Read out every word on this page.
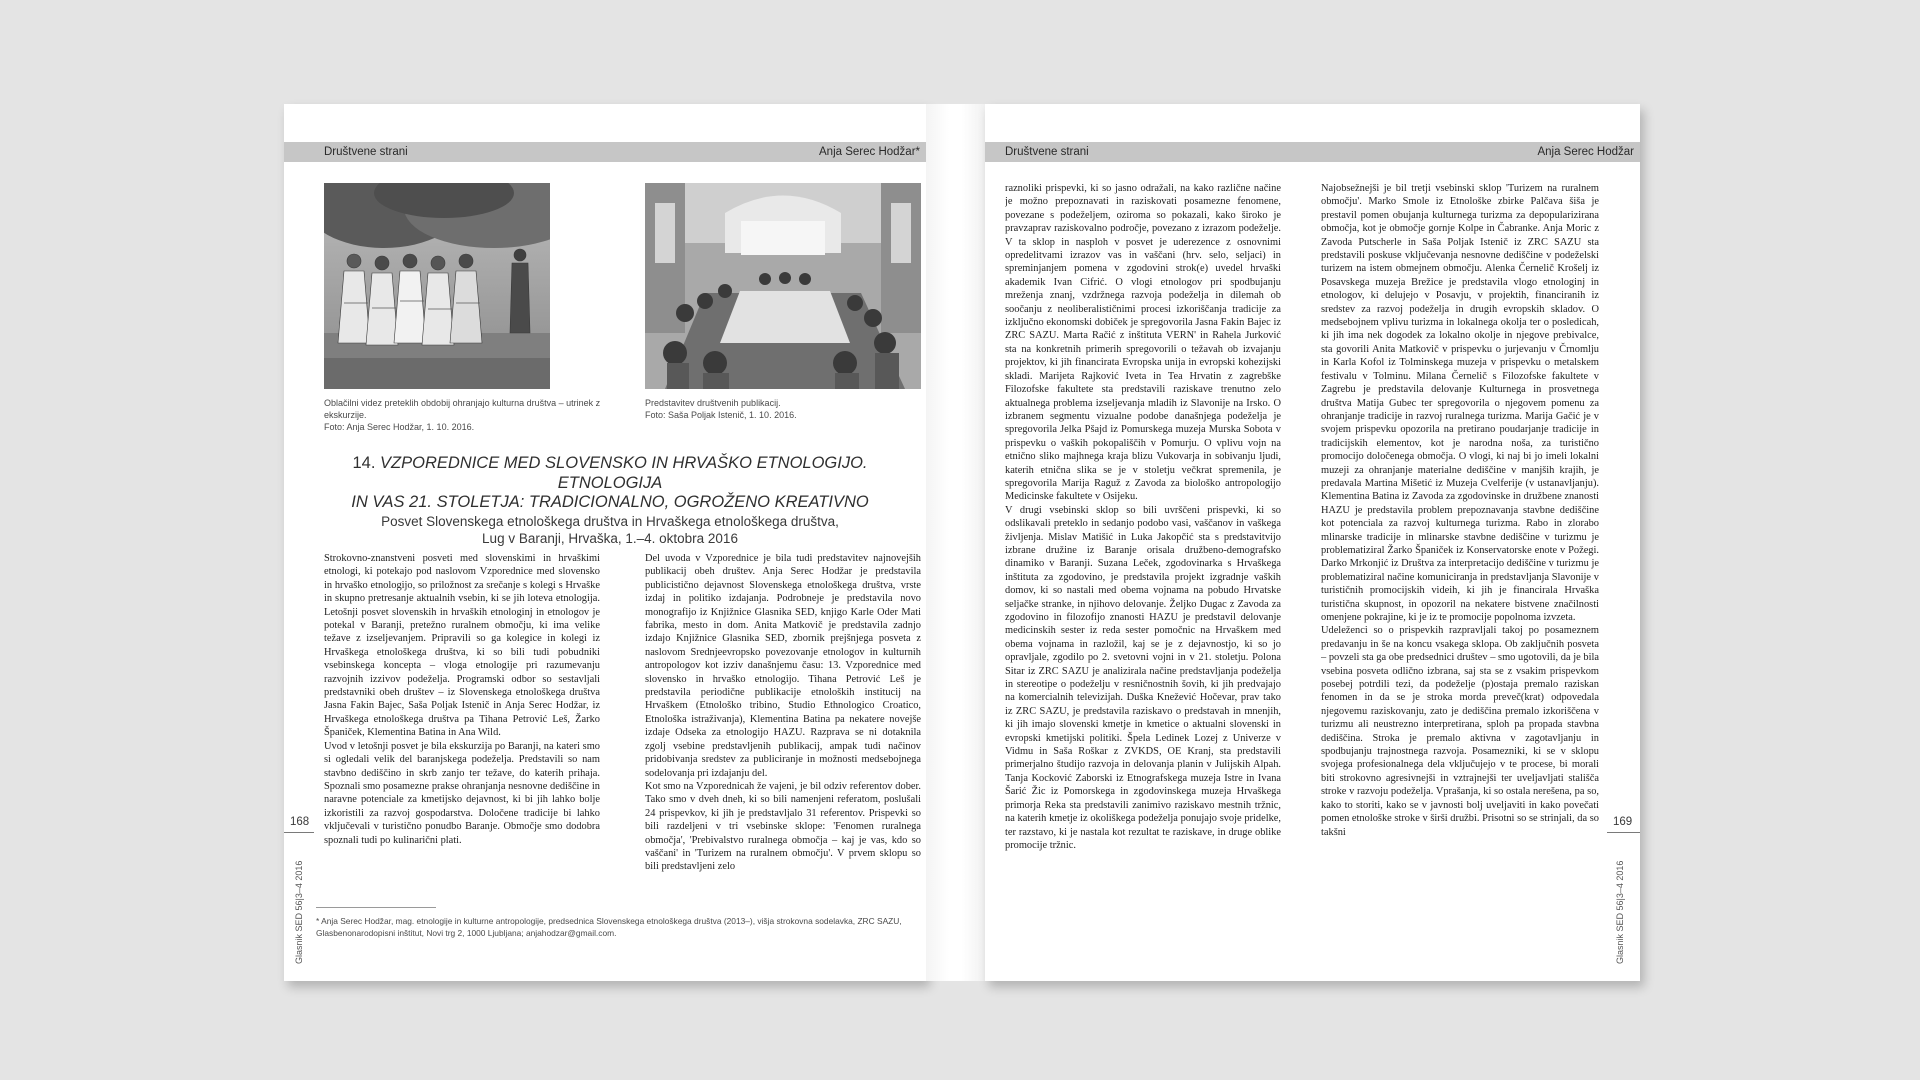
Društvene strani	Anja Serec Hodžar*
Oblačilni videz preteklih obdobij ohranjajo kulturna društva – utrinek z
ekskurzije.
Foto: Anja Serec Hodžar, 1. 10. 2016.
Predstavitev društvenih publikacij.
Foto: Saša Poljak Istenič, 1. 10. 2016.
14. VZPOREDNICE MED SLOVENSKO IN HRVAŠKO ETNOLOGIJO. ETNOLOGIJA
IN VAS 21. STOLETJA: TRADICIONALNO, OGROŽENO KREATIVNO
Posvet Slovenskega etnološkega društva in Hrvaškega etnološkega društva,
Lug v Baranji, Hrvaška, 1.–4. oktobra 2016

Strokovno-znanstveni posveti med slovenskimi in hrvaškimi etnologi, ki potekajo pod naslovom Vzporednice med slovensko in hrvaško etnologijo, so priložnost za srečanje s kolegi s Hrvaške in skupno pretresanje aktualnih vsebin, ki se jih loteva etnologija. Letošnji posvet slovenskih in hrvaških etnologinj in etnologov je potekal v Baranji, pretežno ruralnem območju, ki ima velike težave z izseljevanjem. Pripravili so ga kolegice in kolegi iz Hrvaškega etnološkega društva, ki so bili tudi pobudniki vsebinskega koncepta – vloga etnologije pri razumevanju razvojnih izzivov podeželja. Programski odbor so sestavljali predstavniki obeh društev – iz Slovenskega etnološkega društva Jasna Fakin Bajec, Saša Poljak Istenič in Anja Serec Hodžar, iz Hrvaškega etnološkega društva pa Tihana Petrović Leš, Žarko Španiček, Klementina Batina in Ana Wild.

Uvod v letošnji posvet je bila ekskurzija po Baranji, na kateri smo si ogledali velik del baranjskega podeželja. Predstavili so nam stavbno dediščino in skrb zanjo ter težave, do katerih prihaja. Spoznali smo posamezne prakse ohranjanja nesnovne dediščine in naravne potenciale za kmetijsko dejavnost, ki bi jih lahko bolje izkoristili za razvoj gospodarstva. Določene tradicije bi lahko vključevali v turistično ponudbo Baranje. Območje smo dodobra spoznali tudi po kulinarični plati.

Del uvoda v Vzporednice je bila tudi predstavitev najnovejših publikacij obeh društev. Anja Serec Hodžar je predstavila publicistično dejavnost Slovenskega etnološkega društva, vrste izdaj in politiko izdajanja. Podrobneje je predstavila novo monografijo iz Knjižnice Glasnika SED, knjigo Karle Oder Mati fabrika, mesto in dom. Anita Matkovič je predstavila zadnjo izdajo Knjižnice Glasnika SED, zbornik prejšnjega posveta z naslovom Srednjeevropsko povezovanje etnologov in kulturnih antropologov kot izziv današnjemu času: 13. Vzporednice med slovensko in hrvaško etnologijo. Tihana Petrović Leš je predstavila periodične publikacije etnoloških institucij na Hrvaškem (Etnološko tribino, Studio Ethnologico Croatico, Etnološka istraživanja), Klementina Batina pa nekatere novejše izdaje Odseka za etnologijo HAZU. Razprava se ni dotaknila zgolj vsebine predstavljenih publikacij, ampak tudi načinov pridobivanja sredstev za publiciranje in možnosti medsebojnega sodelovanja pri izdajanju del.

Kot smo na Vzporednicah že vajeni, je bil odziv referentov dober. Tako smo v dveh dneh, ki so bili namenjeni referatom, poslušali 24 prispevkov, ki jih je predstavljalo 31 referentov. Prispevki so bili razdeljeni v tri vsebinske sklope: 'Fenomen ruralnega območja', 'Prebivalstvo ruralnega območja – kaj je vas, kdo so vaščani' in 'Turizem na ruralnem območju'. V prvem sklopu so bili predstavljeni zelo

168
Glasnik SED 56|3–4 2016 * Anja Serec Hodžar, mag. etnologije in kulturne antropologije, predsednica Slovenskega etnološkega društva (2013–), višja strokovna sodelavka, ZRC SAZU, Glasbenonarodopisni inštitut, Novi trg 2, 1000 Ljubljana; anjahodzar@gmail.com.
Društvene strani	Anja Serec Hodžar

raznoliki prispevki, ki so jasno odražali, na kako različne načine je možno prepoznavati in raziskovati posamezne fenomene, povezane s podeželjem, oziroma so pokazali, kako široko je pravzaprav raziskovalno področje, povezano z izrazom podeželje. V ta sklop in nasploh v posvet je uderezence z osnovnimi opredelitvami izrazov vas in vaščani (hrv. selo, seljaci) in spreminjanjem pomena v zgodovini strok(e) uvedel hrvaški akademik Ivan Cifrić. O vlogi etnologov pri spodbujanju mreženja znanj, vzdržnega razvoja podeželja in dilemah ob soočanju z neoliberalističnimi procesi izkoriščanja tradicije za izključno ekonomski dobiček je spregovorila Jasna Fakin Bajec iz ZRC SAZU. Marta Račić z inštituta VERN' in Rahela Jurković sta na konkretnih primerih spregovorili o težavah ob izvajanju projektov, ki jih financirata Evropska unija in evropski kohezijski skladi. Marijeta Rajković Iveta in Tea Hrvatin z zagrebške Filozofske fakultete sta predstavili raziskave trenutno zelo aktualnega problema izseljevanja mladih iz Slavonije na Irsko. O izbranem segmentu vizualne podobe današnjega podeželja je spregovorila Jelka Pšajd iz Pomurskega muzeja Murska Sobota v prispevku o vaških pokopališčih v Pomurju. O vplivu vojn na etnično sliko majhnega kraja blizu Vukovarja in sobivanju ljudi, katerih etnična slika se je v stoletju večkrat spremenila, je spregovorila Marija Raguž z Zavoda za biološko antropologijo Medicinske fakultete v Osijeku.

V drugi vsebinski sklop so bili uvrščeni prispevki, ki so odslikavali preteklo in sedanjo podobo vasi, vaščanov in vaškega življenja. Mislav Matišić in Luka Jakopčić sta s predstavitvijo izbrane družine iz Baranje orisala družbeno-demografsko dinamiko v Baranji. Suzana Leček, zgodovinarka s Hrvaškega inštituta za zgodovino, je predstavila projekt izgradnje vaških domov, ki so nastali med obema vojnama na pobudo Hrvatske seljačke stranke, in njihovo delovanje. Željko Dugac z Zavoda za zgodovino in filozofijo znanosti HAZU je predstavil delovanje medicinskih sester iz reda sester pomočnic na Hrvaškem med obema vojnama in razložil, kaj se je z dejavnostjo, ki so jo opravljale, zgodilo po 2. svetovni vojni in v 21. stoletju. Polona Sitar iz ZRC SAZU je analizirala načine predstavljanja podeželja in stereotipe o podeželju v resničnostnih šovih, ki jih predvajajo na komercialnih televizijah. Duška Knežević Hočevar, prav tako iz ZRC SAZU, je predstavila raziskavo o predstavah in mnenjih, ki jih imajo slovenski kmetje in kmetice o aktualni slovenski in evropski kmetijski politiki. Špela Ledinek Lozej z Univerze v Vidmu in Saša Roškar z ZVKDS, OE Kranj, sta predstavili primerjalno študijo razvoja in delovanja planin v Julijskih Alpah. Tanja Kocković Zaborski iz Etnografskega muzeja Istre in Ivana Šarić Žic iz Pomorskega in zgodovinskega muzeja Hrvaškega primorja Reka sta predstavili zanimivo raziskavo mestnih tržnic, na katerih kmetje iz okoliškega podeželja ponujajo svoje pridelke, ter razstavo, ki je nastala kot rezultat te raziskave, in druge oblike promocije tržnic.

Najobsežnejši je bil tretji vsebinski sklop 'Turizem na ruralnem območju'. Marko Smole iz Etnološke zbirke Palčava šiša je prestavil pomen obujanja kulturnega turizma za depopularizirana območja, kot je območje gornje Kolpe in Čabranke. Anja Moric z Zavoda Putscherle in Saša Poljak Istenič iz ZRC SAZU sta predstavili poskuse vključevanja nesnovne dediščine v podeželski turizem na istem obmejnem območju. Alenka Černelič Krošelj iz Posavskega muzeja Brežice je predstavila vlogo etnologinj in etnologov, ki delujejo v Posavju, v projektih, financiranih iz sredstev za razvoj podeželja in drugih evropskih skladov. O medsebojnem vplivu turizma in lokalnega okolja ter o posledicah, ki jih ima nek dogodek za lokalno okolje in njegove prebivalce, sta govorili Anita Matkovič v prispevku o jurjevanju v Črnomlju in Karla Kofol iz Tolminskega muzeja v prispevku o metalskem festivalu v Tolminu. Milana Černelič s Filozofske fakultete v Zagrebu je predstavila delovanje Kulturnega in prosvetnega društva Matija Gubec ter spregovorila o njegovem pomenu za ohranjanje tradicije in razvoj ruralnega turizma. Marija Gačić je v svojem prispevku opozorila na pretirano poudarjanje tradicije in tradicijskih elementov, kot je narodna noša, za turistično promocijo določenega območja. O vlogi, ki naj bi jo imeli lokalni muzeji za ohranjanje materialne dediščine v manjših krajih, je predavala Martina Mišetić iz Muzeja Cvelferije (v ustanavljanju). Klementina Batina iz Zavoda za zgodovinske in družbene znanosti HAZU je predstavila problem prepoznavanja stavbne dediščine kot potenciala za razvoj kulturnega turizma. Rabo in zlorabo mlinarske tradicije in mlinarske stavbne dediščine v turizmu je problematiziral Žarko Španiček iz Konservatorske enote v Požegi. Darko Mrkonjić iz Društva za interpretacijo dediščine v turizmu je problematiziral načine komuniciranja in predstavljanja Slavonije v turističnih promocijskih videih, ki jih je financirala Hrvaška turistična skupnost, in opozoril na nekatere bistvene značilnosti omenjene pokrajine, ki je iz te promocije popolnoma izvzeta.

Udeleženci so o prispevkih razpravljali takoj po posameznem predavanju in še na koncu vsakega sklopa. Ob zaključnih posveta – povzeli sta ga obe predsednici društev – smo ugotovili, da je bila vsebina posveta odlično izbrana, saj sta se z vsakim prispevkom posebej potrdili tezi, da podeželje (p)ostaja premalo raziskan fenomen in da se je stroka morda preveč(krat) odpovedala njegovemu raziskovanju, zato je dediščina premalo izkoriščena v turizmu ali neustrezno interpretirana, sploh pa propada stavbna dediščina. Stroka je premalo aktivna v zagotavljanju in spodbujanju trajnostnega razvoja. Posamezniki, ki se v sklopu svojega profesionalnega dela vključujejo v te procese, bi morali biti strokovno agresivnejši in vztrajnejši ter uveljavljati stališča stroke v razvoju podeželja. Vprašanja, ki so ostala nerešena, pa so, kako to storiti, kako se v javnosti bolj uveljaviti in kako povečati pomen etnološke stroke v širši družbi. Prisotni so se strinjali, da so takšni

169
Glasnik SED 56|3–4 2016
